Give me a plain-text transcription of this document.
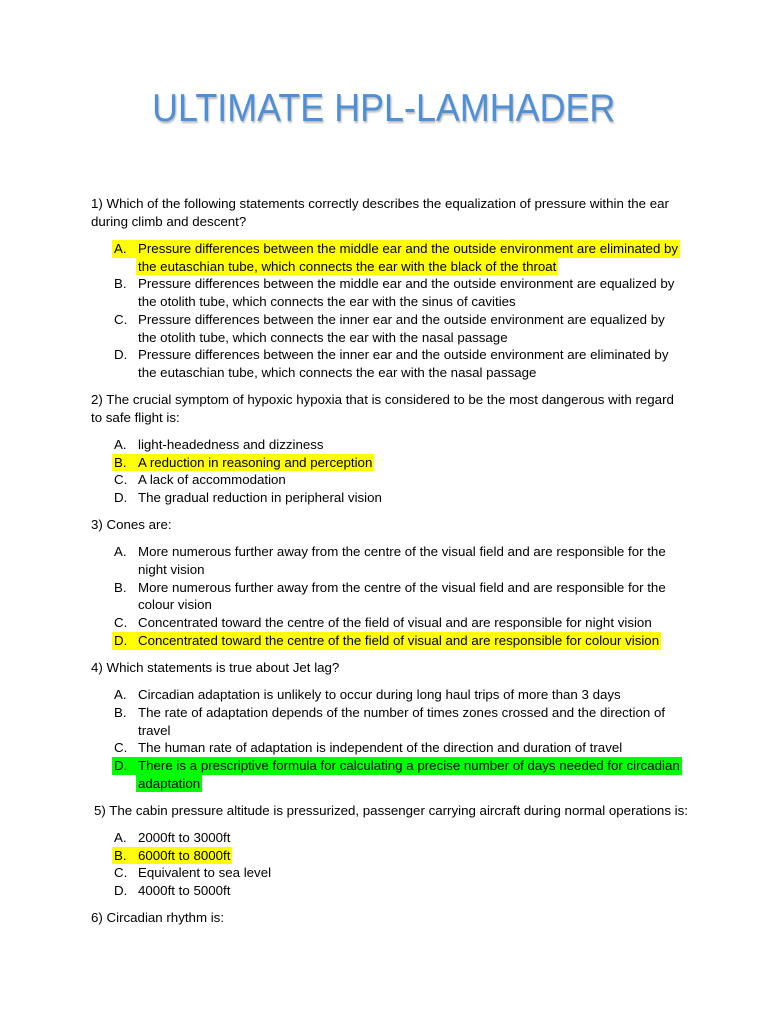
ULTIMATE HPL-LAMHADER
1) Which of the following statements correctly describes the equalization of pressure within the ear
during climb and descent?
A. Pressure differences between the middle ear and the outside environment are eliminated by
the eutaschian tube, which connects the ear with the black of the throat
B. Pressure differences between the middle ear and the outside environment are equalized by
the otolith tube, which connects the ear with the sinus of cavities
C. Pressure differences between the inner ear and the outside environment are equalized by
the otolith tube, which connects the ear with the nasal passage
D. Pressure differences between the inner ear and the outside environment are eliminated by
the eutaschian tube, which connects the ear with the nasal passage
2) The crucial symptom of hypoxic hypoxia that is considered to be the most dangerous with regard
to safe flight is:
A. light-headedness and dizziness
B. A reduction in reasoning and perception
C. A lack of accommodation
D. The gradual reduction in peripheral vision
3) Cones are:
A. More numerous further away from the centre of the visual field and are responsible for the
night vision
B. More numerous further away from the centre of the visual field and are responsible for the
colour vision
C. Concentrated toward the centre of the field of visual and are responsible for night vision
D. Concentrated toward the centre of the field of visual and are responsible for colour vision
4) Which statements is true about Jet lag?
A. Circadian adaptation is unlikely to occur during long haul trips of more than 3 days
B. The rate of adaptation depends of the number of times zones crossed and the direction of
travel
C. The human rate of adaptation is independent of the direction and duration of travel
D. There is a prescriptive formula for calculating a precise number of days needed for circadian
adaptation
5) The cabin pressure altitude is pressurized, passenger carrying aircraft during normal operations is:
A. 2000ft to 3000ft
B. 6000ft to 8000ft
C. Equivalent to sea level
D. 4000ft to 5000ft
6) Circadian rhythm is:
